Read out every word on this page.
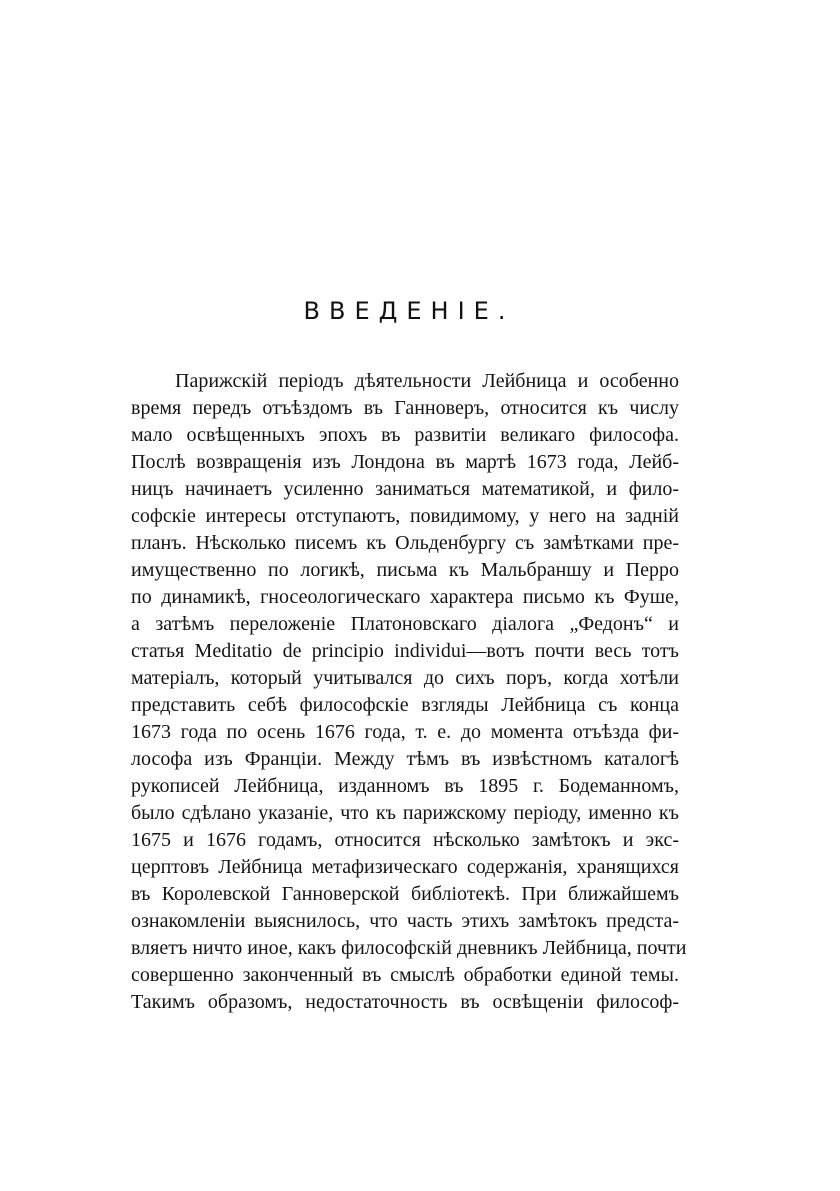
ВВЕДЕНІЕ.
Парижскій періодъ дѣятельности Лейбница и особенно
время передъ отъѣздомъ въ Ганноверъ, относится къ числу
мало освѣщенныхъ эпохъ въ развитіи великаго философа.
Послѣ возвращенія изъ Лондона въ мартѣ 1673 года, Лейб-
ницъ начинаетъ усиленно заниматься математикой, и фило-
софскіе интересы отступаютъ, повидимому, у него на задній
планъ. Нѣсколько писемъ къ Ольденбургу съ замѣтками пре-
имущественно по логикѣ, письма къ Мальбраншу и Перро
по динамикѣ, гносеологическаго характера письмо къ Фуше,
а затѣмъ переложеніе Платоновскаго діалога „Федонъ“ и
статья Meditatio de principio individui—вотъ почти весь тотъ
матеріалъ, который учитывался до сихъ поръ, когда хотѣли
представить себѣ философскіе взгляды Лейбница съ конца
1673 года по осень 1676 года, т. е. до момента отъѣзда фи-
лософа изъ Франціи. Между тѣмъ въ извѣстномъ каталогѣ
рукописей Лейбница, изданномъ въ 1895 г. Бодеманномъ,
было сдѣлано указаніе, что къ парижскому періоду, именно къ
1675 и 1676 годамъ, относится нѣсколько замѣтокъ и экс-
церптовъ Лейбница метафизическаго содержанія, хранящихся
въ Королевской Ганноверской библіотекѣ. При ближайшемъ
ознакомленіи выяснилось, что часть этихъ замѣтокъ предста-
вляетъ ничто иное, какъ философскій дневникъ Лейбница, почти
совершенно законченный въ смыслѣ обработки единой темы.
Такимъ образомъ, недостаточность въ освѣщеніи философ-
